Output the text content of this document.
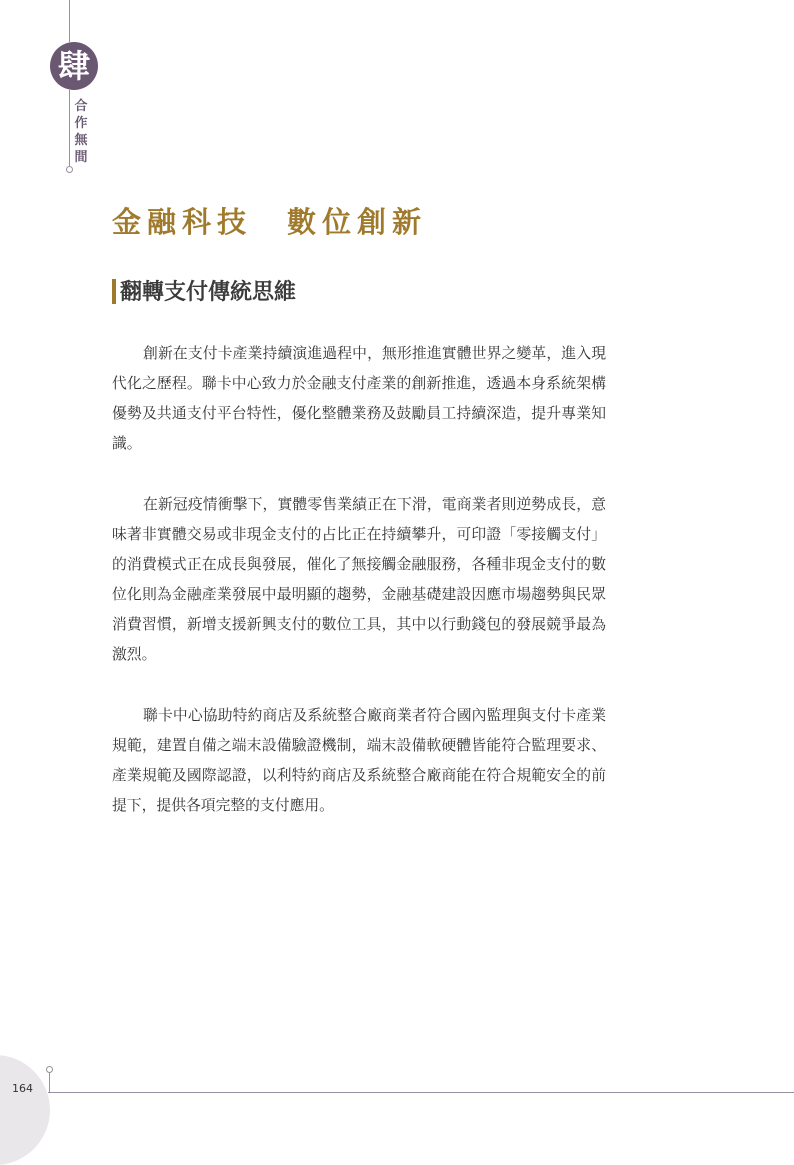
肆
合
作
無
間
金融科技　數位創新
翻轉支付傳統思維

創新在支付卡產業持續演進過程中，無形推進實體世界之變革，進入現代化之歷程。聯卡中心致力於金融支付產業的創新推進，透過本身系統架構優勢及共通支付平台特性，優化整體業務及鼓勵員工持續深造，提升專業知識。

在新冠疫情衝擊下，實體零售業績正在下滑，電商業者則逆勢成長，意味著非實體交易或非現金支付的占比正在持續攀升，可印證「零接觸支付」的消費模式正在成長與發展，催化了無接觸金融服務，各種非現金支付的數位化則為金融產業發展中最明顯的趨勢，金融基礎建設因應市場趨勢與民眾消費習慣，新增支援新興支付的數位工具，其中以行動錢包的發展競爭最為激烈。

聯卡中心協助特約商店及系統整合廠商業者符合國內監理與支付卡產業規範，建置自備之端末設備驗證機制，端末設備軟硬體皆能符合監理要求、產業規範及國際認證，以利特約商店及系統整合廠商能在符合規範安全的前提下，提供各項完整的支付應用。

164
